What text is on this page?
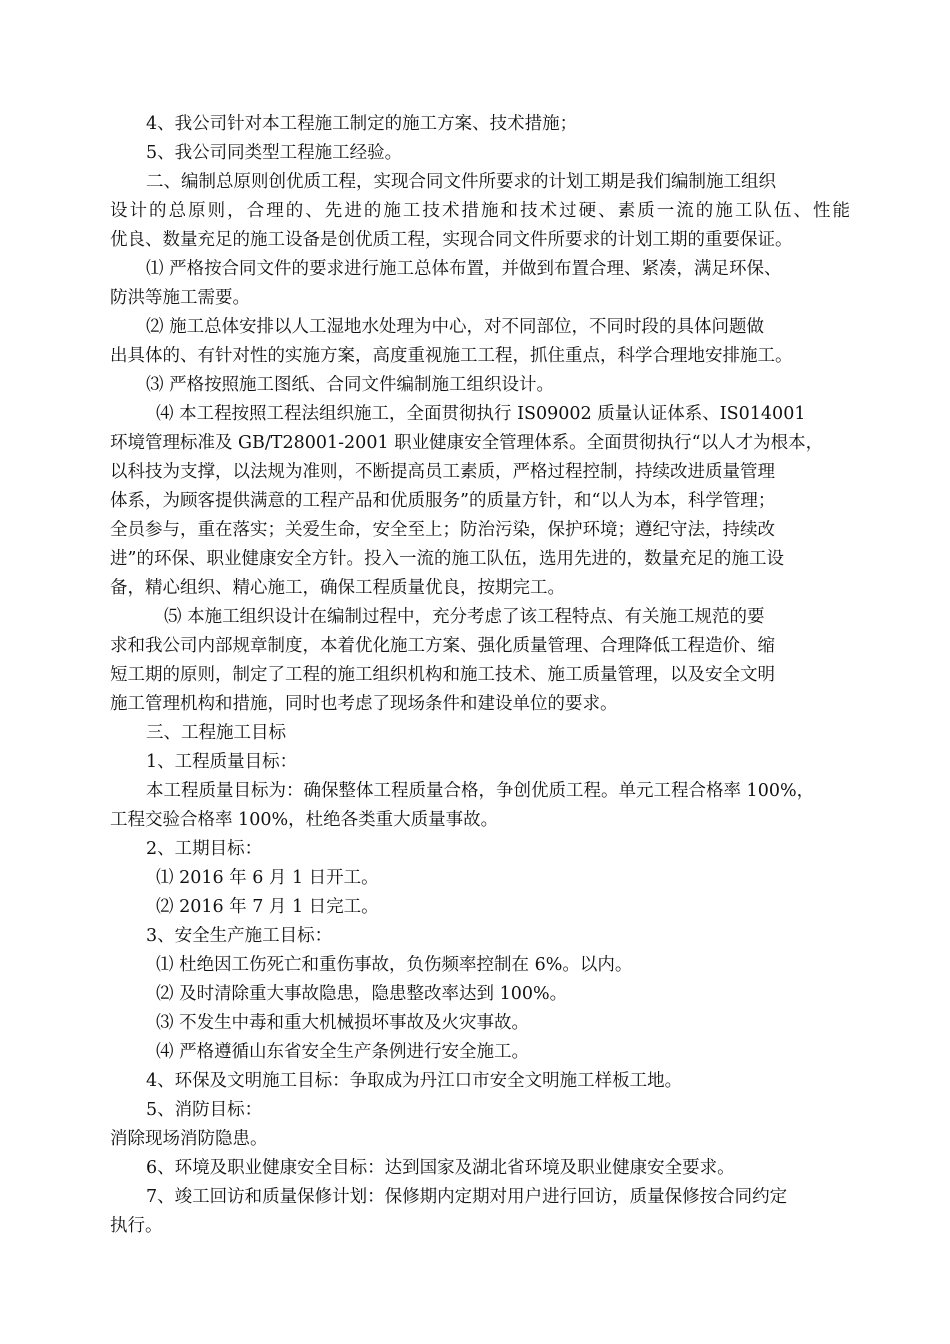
4、我公司针对本工程施工制定的施工方案、技术措施；
5、我公司同类型工程施工经验。
二、编制总原则创优质工程，实现合同文件所要求的计划工期是我们编制施工组织
设计的总原则，合理的、先进的施工技术措施和技术过硬、素质一流的施工队伍、性能
优良、数量充足的施工设备是创优质工程，实现合同文件所要求的计划工期的重要保证。
⑴ 严格按合同文件的要求进行施工总体布置，并做到布置合理、紧凑，满足环保、
防洪等施工需要。
⑵ 施工总体安排以人工湿地水处理为中心，对不同部位，不同时段的具体问题做
出具体的、有针对性的实施方案，高度重视施工工程，抓住重点，科学合理地安排施工。
⑶ 严格按照施工图纸、合同文件编制施工组织设计。
⑷ 本工程按照工程法组织施工，全面贯彻执行 IS09002 质量认证体系、IS014001
环境管理标准及 GB/T28001-2001 职业健康安全管理体系。全面贯彻执行“以人才为根本，
以科技为支撑，以法规为准则，不断提高员工素质，严格过程控制，持续改进质量管理
体系，为顾客提供满意的工程产品和优质服务”的质量方针，和“以人为本，科学管理；
全员参与，重在落实；关爱生命，安全至上；防治污染，保护环境；遵纪守法，持续改
进”的环保、职业健康安全方针。投入一流的施工队伍，选用先进的，数量充足的施工设
备，精心组织、精心施工，确保工程质量优良，按期完工。
⑸ 本施工组织设计在编制过程中，充分考虑了该工程特点、有关施工规范的要
求和我公司内部规章制度，本着优化施工方案、强化质量管理、合理降低工程造价、缩
短工期的原则，制定了工程的施工组织机构和施工技术、施工质量管理，以及安全文明
施工管理机构和措施，同时也考虑了现场条件和建设单位的要求。
三、工程施工目标
1、工程质量目标：
本工程质量目标为：确保整体工程质量合格，争创优质工程。单元工程合格率 100%，
工程交验合格率 100%，杜绝各类重大质量事故。
2、工期目标：
⑴ 2016 年 6 月 1 日开工。
⑵ 2016 年 7 月 1 日完工。
3、安全生产施工目标：
⑴ 杜绝因工伤死亡和重伤事故，负伤频率控制在 6%。以内。
⑵ 及时清除重大事故隐患，隐患整改率达到 100%。
⑶ 不发生中毒和重大机械损坏事故及火灾事故。
⑷ 严格遵循山东省安全生产条例进行安全施工。
4、环保及文明施工目标：争取成为丹江口市安全文明施工样板工地。
5、消防目标：
消除现场消防隐患。
6、环境及职业健康安全目标：达到国家及湖北省环境及职业健康安全要求。
7、竣工回访和质量保修计划：保修期内定期对用户进行回访，质量保修按合同约定
执行。
